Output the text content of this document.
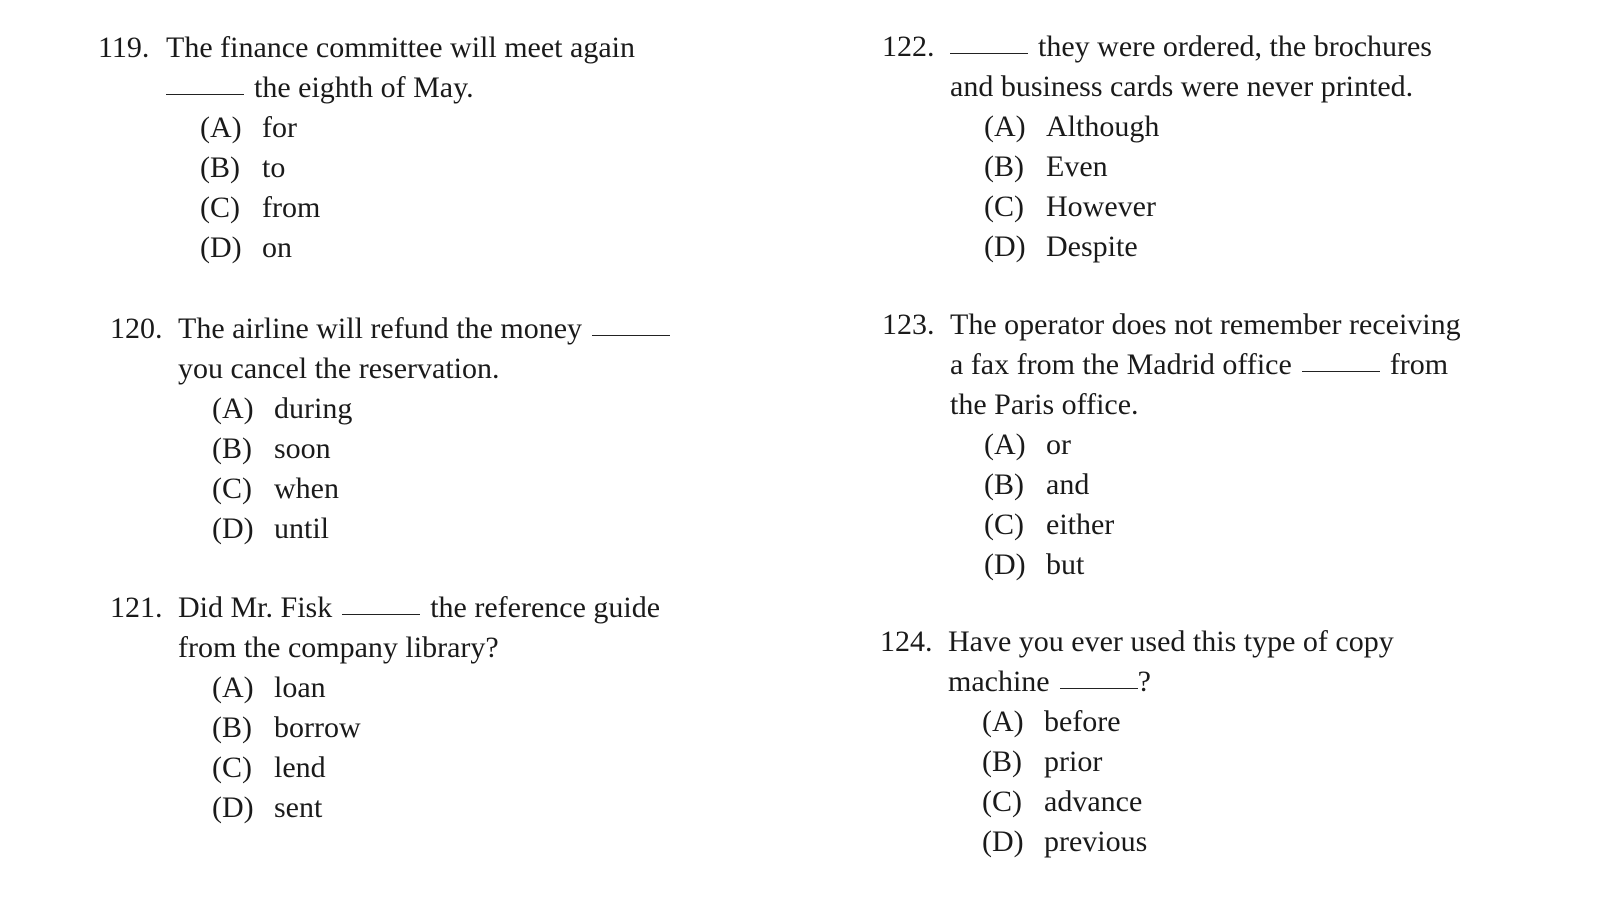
119. The finance committee will meet again
the eighth of May.
(A) for
(B) to
(C) from
(D) on
120. The airline will refund the money
you cancel the reservation.
(A) during
(B) soon
(C) when
(D) until
121. Did Mr. Fisk	the reference guide
from the company library?
(A) loan
(B) borrow
(C) lend
(D) sent
122.	they were ordered, the brochures
and business cards were never printed.
(A) Although
(B) Even
(C) However
(D) Despite
123. The operator does not remember receiving
a fax from the Madrid office	from
the Paris office.
(A) or
(B) and
(C) either
(D) but
124. Have you ever used this type of copy
machine	?
(A) before
(B) prior
(C) advance
(D) previous
